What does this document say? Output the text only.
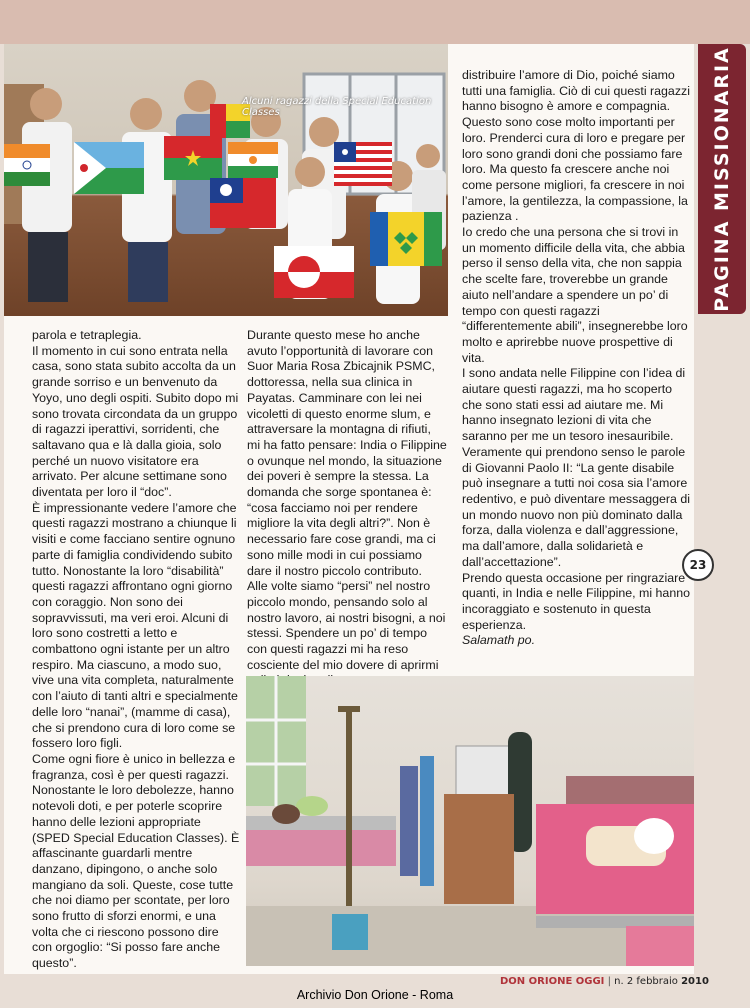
PAGINA MISSIONARIA
Alcuni ragazzi della Special Education Classes
parola e tetraplegia.
Il momento in cui sono entrata nella casa, sono stata subito accolta da un grande sorriso e un benvenuto da Yoyo, uno degli ospiti. Subito dopo mi sono trovata circondata da un gruppo di ragazzi iperattivi, sorridenti, che saltavano qua e là dalla gioia, solo perché un nuovo visitatore era arrivato. Per alcune settimane sono diventata per loro il “doc”.
È impressionante vedere l’amore che questi ragazzi mostrano a chiunque li visiti e come facciano sentire ognuno parte di famiglia condividendo subito tutto. Nonostante la loro “disabilità” questi ragazzi affrontano ogni giorno con coraggio. Non sono dei sopravvissuti, ma veri eroi. Alcuni di loro sono costretti a letto e combattono ogni istante per un altro respiro. Ma ciascuno, a modo suo, vive una vita completa, naturalmente con l’aiuto di tanti altri e specialmente delle loro “nanai”, (mamme di casa), che si prendono cura di loro come se fossero loro figli.
Come ogni fiore è unico in bellezza e fragranza, così è per questi ragazzi. Nonostante le loro debolezze, hanno notevoli doti, e per poterle scoprire hanno delle lezioni appropriate (SPED Special Education Classes). È affascinante guardarli mentre danzano, dipingono, o anche solo mangiano da soli. Queste, cose tutte che noi diamo per scontate, per loro sono frutto di sforzi enormi, e una volta che ci riescono possono dire con orgoglio: “Si posso fare anche questo”.
Durante questo mese ho anche avuto l’opportunità di lavorare con Suor Maria Rosa Zbicajnik PSMC, dottoressa, nella sua clinica in Payatas. Camminare con lei nei vicoletti di questo enorme slum, e attraversare la montagna di rifiuti, mi ha fatto pensare: India o Filippine o ovunque nel mondo, la situazione dei poveri è sempre la stessa. La domanda che sorge spontanea è: “cosa facciamo noi per rendere migliore la vita degli altri?”. Non è necessario fare cose grandi, ma ci sono mille modi in cui possiamo dare il nostro piccolo contributo.
Alle volte siamo “persi” nel nostro piccolo mondo, pensando solo al nostro lavoro, ai nostri bisogni, a noi stessi. Spendere un po’ di tempo con questi ragazzi mi ha reso cosciente del mio dovere di aprirmi
distribuire l’amore di Dio, poiché siamo tutti una famiglia. Ciò di cui questi ragazzi hanno bisogno è amore e compagnia. Questo sono cose molto importanti per loro. Prenderci cura di loro e pregare per loro sono grandi doni che possiamo fare loro. Ma questo fa crescere anche noi come persone migliori, fa crescere in noi l’amore, la gentilezza, la compassione, la pazienza .
Io credo che una persona che si trovi in un momento difficile della vita, che abbia perso il senso della vita, che non sappia che scelte fare, troverebbe un grande aiuto nell’andare a spendere un po’ di tempo con questi ragazzi “differentemente abili”, insegnerebbe loro molto e aprirebbe nuove prospettive di vita.
I sono andata nelle Filippine con l’idea di aiutare questi ragazzi, ma ho scoperto che sono stati essi ad aiutare me. Mi hanno insegnato lezioni di vita che saranno per me un tesoro inesauribile. Veramente qui prendono senso le parole di Giovanni Paolo II: “La gente disabile può insegnare a tutti noi cosa sia l’amore redentivo, e può diventare messaggera di un mondo nuovo non più dominato dalla forza, dalla violenza e dall’aggressione, ma dall’amore, dalla solidarietà e dall’accettazione”.
Prendo questa occasione per ringraziare quanti, in India e nelle Filippine, mi hanno incoraggiato e sostenuto in questa esperienza.
Salamath po.
23
DON ORIONE OGGI | n. 2 febbraio 2010
Archivio Don Orione - Roma
